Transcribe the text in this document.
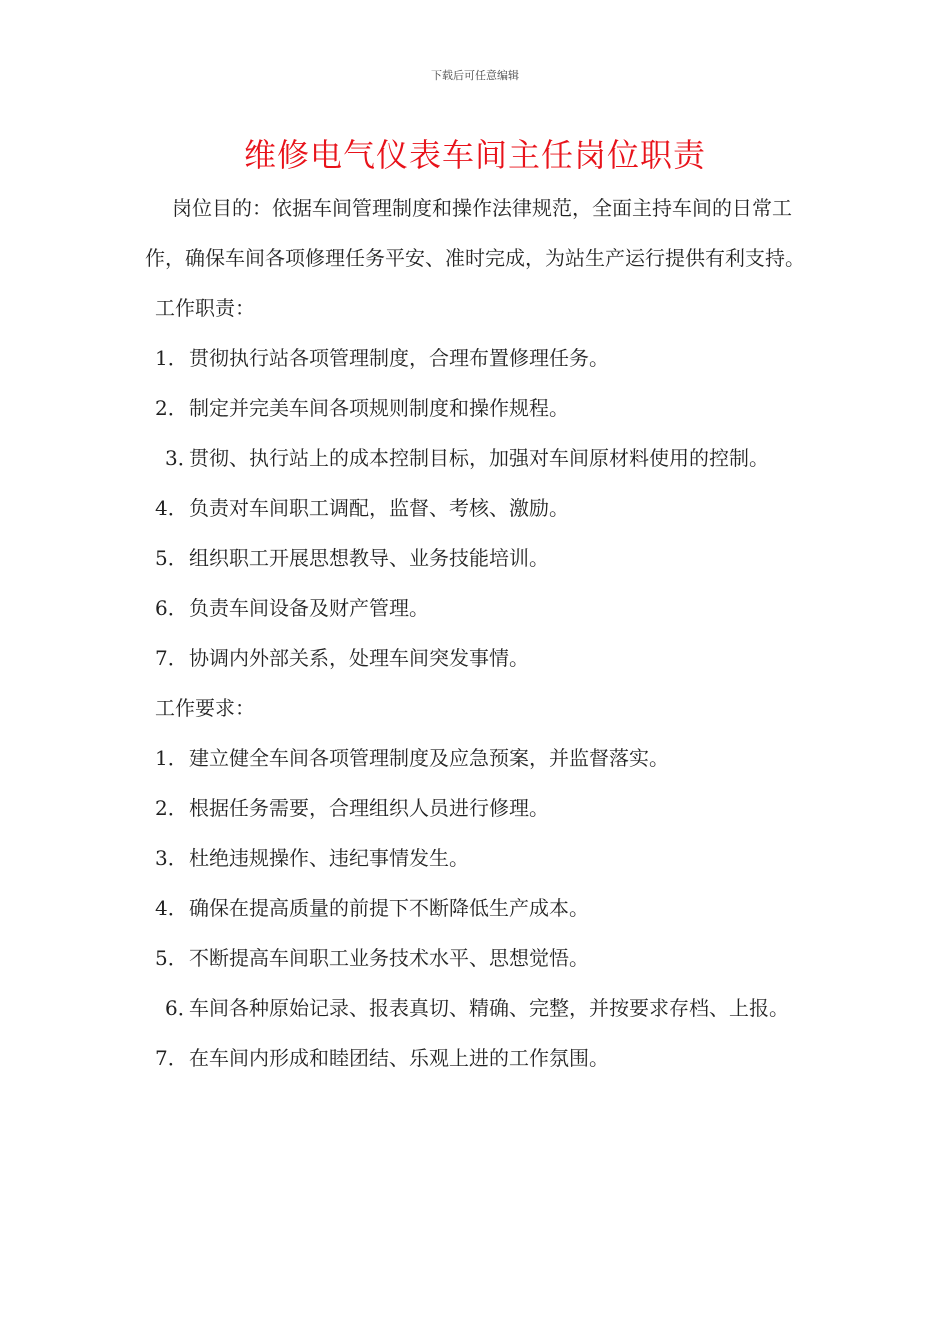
下载后可任意编辑
维修电气仪表车间主任岗位职责

岗位目的：依据车间管理制度和操作法律规范，全面主持车间的日常工作，确保车间各项修理任务平安、准时完成，为站生产运行提供有利支持。

工作职责：

1．贯彻执行站各项管理制度，合理布置修理任务。

2．制定并完美车间各项规则制度和操作规程。

3．贯彻、执行站上的成本控制目标，加强对车间原材料使用的控制。

4．负责对车间职工调配，监督、考核、激励。

5．组织职工开展思想教导、业务技能培训。

6．负责车间设备及财产管理。

7．协调内外部关系，处理车间突发事情。

工作要求：

1．建立健全车间各项管理制度及应急预案，并监督落实。

2．根据任务需要，合理组织人员进行修理。

3．杜绝违规操作、违纪事情发生。

4．确保在提高质量的前提下不断降低生产成本。

5．不断提高车间职工业务技术水平、思想觉悟。

6．车间各种原始记录、报表真切、精确、完整，并按要求存档、上报。

7．在车间内形成和睦团结、乐观上进的工作氛围。
